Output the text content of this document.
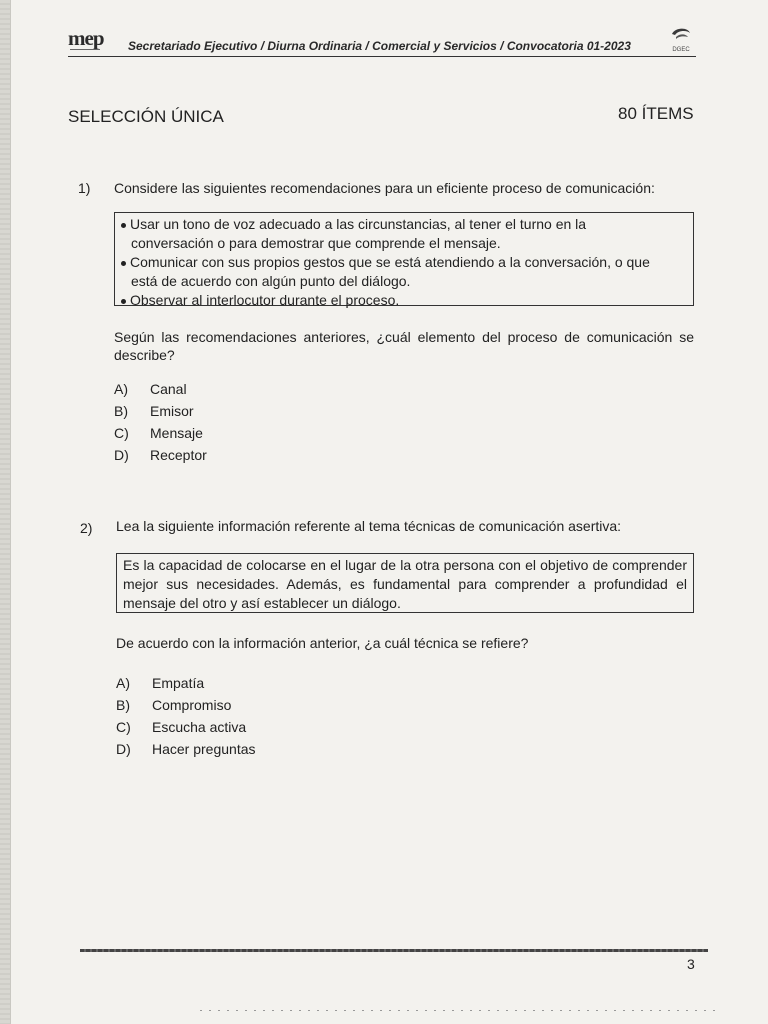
mep Secretariado Ejecutivo / Diurna Ordinaria / Comercial y Servicios / Convocatoria 01-2023	DGEC
SELECCIÓN ÚNICA	80 ÍTEMS
1) Considere las siguientes recomendaciones para un eficiente proceso de comunicación:
Usar un tono de voz adecuado a las circunstancias, al tener el turno en la
conversación o para demostrar que comprende el mensaje.
Comunicar con sus propios gestos que se está atendiendo a la conversación, o que
está de acuerdo con algún punto del diálogo.
Observar al interlocutor durante el proceso.
Según las recomendaciones anteriores, ¿cuál elemento del proceso de comunicación se describe?
A) Canal
B) Emisor
C) Mensaje
D) Receptor
2) Lea la siguiente información referente al tema técnicas de comunicación asertiva:
Es la capacidad de colocarse en el lugar de la otra persona con el objetivo de comprender mejor sus necesidades. Además, es fundamental para comprender a profundidad el mensaje del otro y así establecer un diálogo.
De acuerdo con la información anterior, ¿a cuál técnica se refiere?
A) Empatía
B) Compromiso
C) Escucha activa
D) Hacer preguntas
3
